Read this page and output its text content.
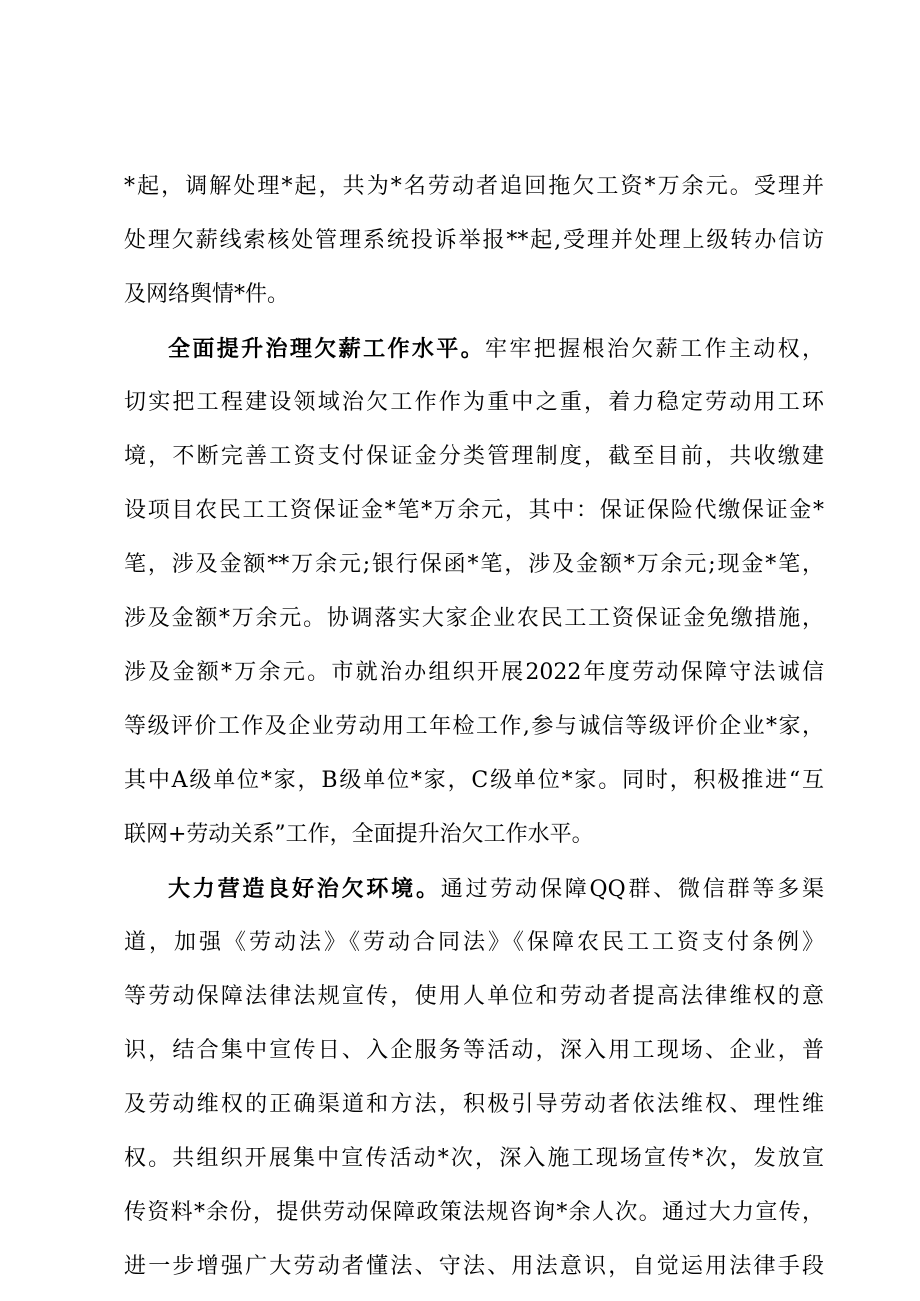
*起，调解处理*起，共为*名劳动者追回拖欠工资*万余元。受理并
处理欠薪线索核处管理系统投诉举报**起,受理并处理上级转办信访
及网络舆情*件。
全面提升治理欠薪工作水平。牢牢把握根治欠薪工作主动权，
切实把工程建设领域治欠工作作为重中之重，着力稳定劳动用工环
境，不断完善工资支付保证金分类管理制度，截至目前，共收缴建
设项目农民工工资保证金*笔*万余元，其中：保证保险代缴保证金*
笔，涉及金额**万余元;银行保函*笔，涉及金额*万余元;现金*笔，
涉及金额*万余元。协调落实大家企业农民工工资保证金免缴措施，
涉及金额*万余元。市就治办组织开展2022年度劳动保障守法诚信
等级评价工作及企业劳动用工年检工作,参与诚信等级评价企业*家，
其中A级单位*家，B级单位*家，C级单位*家。同时，积极推进“互
联网+劳动关系”工作，全面提升治欠工作水平。
大力营造良好治欠环境。通过劳动保障QQ群、微信群等多渠
道，加强《劳动法》《劳动合同法》《保障农民工工资支付条例》
等劳动保障法律法规宣传，使用人单位和劳动者提高法律维权的意
识，结合集中宣传日、入企服务等活动，深入用工现场、企业，普
及劳动维权的正确渠道和方法，积极引导劳动者依法维权、理性维
权。共组织开展集中宣传活动*次，深入施工现场宣传*次，发放宣
传资料*余份，提供劳动保障政策法规咨询*余人次。通过大力宣传，
进一步增强广大劳动者懂法、守法、用法意识，自觉运用法律手段
